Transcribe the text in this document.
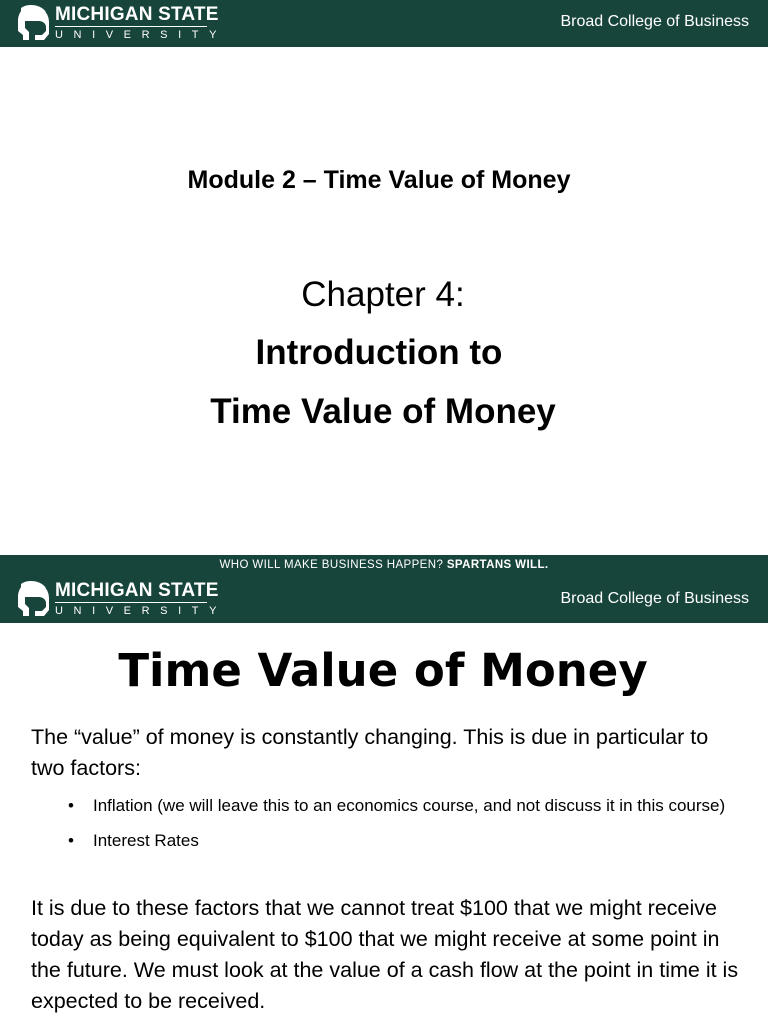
MICHIGAN STATE
UNIVERSITY
Broad College of Business
Module 2 – Time Value of Money
Chapter 4:
Introduction to
Time Value of Money
WHO WILL MAKE BUSINESS HAPPEN? SPARTANS WILL.
MICHIGAN STATE
UNIVERSITY
Broad College of Business
Time Value of Money
The “value” of money is constantly changing. This is due in particular to two factors:
• Inflation (we will leave this to an economics course, and not discuss it in this course)
• Interest Rates
It is due to these factors that we cannot treat $100 that we might receive today as being equivalent to $100 that we might receive at some point in the future. We must look at the value of a cash flow at the point in time it is expected to be received.
